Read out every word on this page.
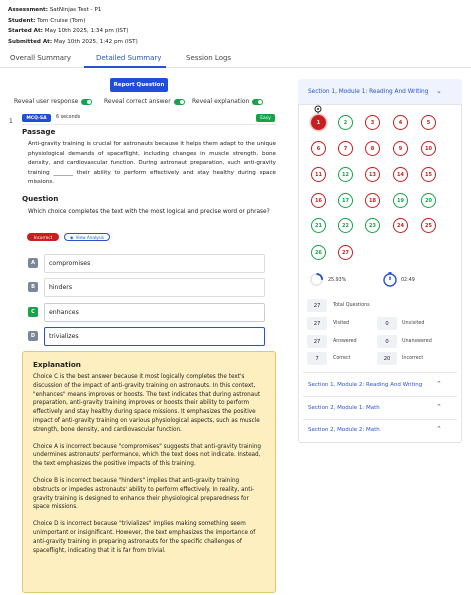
Assessment: SatNinjas Test - P1
Student: Tom Cruise (Tom)
Started At: May 10th 2025, 1:34 pm (IST)
Submitted At: May 10th 2025, 1:42 pm (IST)
Overall Summary	Detailed Summary	Session Logs
Report Question
Reveal user response	Reveal correct answer	Reveal explanation
1	MCQ-SA	6 seconds	Easy
Passage
Anti-gravity training is crucial for astronauts because it helps them adapt to the unique physiological demands of spaceflight, including changes in muscle strength, bone density, and cardiovascular function. During astronaut preparation, such anti-gravity training _______ their ability to perform effectively and stay healthy during space missions.
Question
Which choice completes the text with the most logical and precise word or phrase?
Incorrect	◉ View Analysis
A	compromises
B	hinders
C	enhances
D	trivializes
Explanation

Choice C is the best answer because it most logically completes the text's discussion of the impact of anti-gravity training on astronauts. In this context, "enhances" means improves or boosts. The text indicates that during astronaut preparation, anti-gravity training improves or boosts their ability to perform effectively and stay healthy during space missions. It emphasizes the positive impact of anti-gravity training on various physiological aspects, such as muscle strength, bone density, and cardiovascular function.

Choice A is incorrect because "compromises" suggests that anti-gravity training undermines astronauts' performance, which the text does not indicate. Instead, the text emphasizes the positive impacts of this training.

Choice B is incorrect because "hinders" implies that anti-gravity training obstructs or impedes astronauts' ability to perform effectively. In reality, anti-gravity training is designed to enhance their physiological preparedness for space missions.

Choice D is incorrect because "trivializes" implies making something seem unimportant or insignificant. However, the text emphasizes the importance of anti-gravity training in preparing astronauts for the specific challenges of spaceflight, indicating that it is far from trivial.

Section 1, Module 1: Reading And Writing ⌄
1	2	3	4	5
6	7	8	9	10
11	12	13	14	15
16	17	18	19	20
21	22	23	24	25
26	27
25.93%	02:49
27	Total Questions
27	Visited	0	Unvisited
27	Answered	0	Unanswered
7	Correct	20	Incorrect
Section 1, Module 2: Reading And Writing ⌃
Section 2, Module 1: Math	⌃
Section 2, Module 2: Math	⌃
